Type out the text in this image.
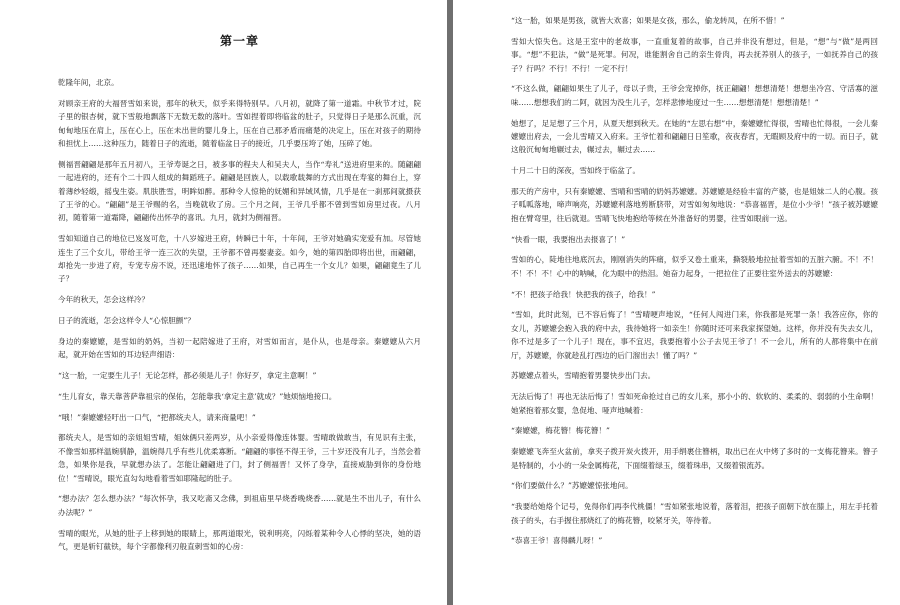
第一章

乾隆年间，北京。

对顾亲王府的大福晋雪如来说，那年的秋天，似乎来得特别早。八月初，就降了第一道霜。中秋节才过，院子里的银杏树，就下雪般地飘落下无数无数的落叶。雪如捏着即将临盆的肚子，只觉得日子是那么沉重，沉甸甸地压在肩上，压在心上，压在未出世的婴儿身上，压在自己那矛盾而痛楚的决定上，压在对孩子的期待和担忧上……这种压力，随着日子的流逝，随着临盆日子的接近，几乎要压垮了她，压碎了她。

侧福晋翩翩是那年五月初八，王爷寿诞之日，被多事的程夫人和吴夫人，当作“寿礼”送进府里来的。随翩翩一起进府的，还有个二十四人组成的舞蹈班子。翩翩是回族人，以载歌载舞的方式出现在寿宴的舞台上，穿着薄纱轻缎，摇曳生姿。肌肤胜雪，明眸如醉。那种令人惊艳的妩媚和异域风情，几乎是在一刹那间就摄获了王爷的心。“翩翩”是王爷赐的名，当晚就收了房。三个月之间，王爷几乎都不曾到雪如房里过夜。八月初，随着第一道霜降，翩翩传出怀孕的喜讯。九月，就封为侧福晋。

雪如知道自己的地位已岌岌可危，十八岁嫁进王府，转瞬已十年，十年间，王爷对她确实宠爱有加。尽管她连生了三个女儿，带给王爷一连三次的失望，王爷都不曾再娶妻妾。如今，她的第四胎即将出世，而翩翩，却抢先一步进了府，专宠专房不说，还迅速地怀了孩子……如果，自己再生一个女儿？如果，翩翩竟生了儿子？

今年的秋天，怎会这样冷？

日子的流逝，怎会这样令人“心惊胆颤”？

身边的秦嬷嬷，是雪如的奶妈，当初一起陪嫁进了王府，对雪如而言，是仆从，也是母亲。秦嬷嬷从六月起，就开始在雪如的耳边轻声细语：

“这一胎，一定要生儿子！无论怎样，都必须是儿子！你好歹，拿定主意啊！”

“生儿育女，靠天靠菩萨靠祖宗的保佑，怎能靠我‘拿定主意’就成？”她烦恼地接口。

“哦！”秦嬷嬷轻吁出一口气，“把都统夫人，请来商量吧！”

都统夫人，是雪如的亲姐姐雪晴，姐妹俩只差两岁，从小亲爱得像连体婴。雪晴敢做敢当，有见识有主张，不像雪如那样温婉驯静，温婉得几乎有些儿优柔寡断。“翩翩的事怪不得王爷，三十岁还没有儿子，当然会着急，如果你是我，早就想办法了。怎能让翩翩进了门，封了侧福晋！又怀了身孕，直接威胁到你的身份地位！”雪晴说，眼光直勾勾地看着雪如耶隆起的肚子。

“想办法？怎么想办法？”每次怀孕，我又吃斋又念佛，到祖庙里早烧香晚烧香……就是生不出儿子，有什么办法呢？”

雪晴的眼光，从她的肚子上移到她的眼睛上，那两道眼光，锐利明亮，闪烁着某种令人心悸的坚决，她的语气，更是斩钉截铁，每个字都像利刃般直刺雪如的心房：

“这一胎，如果是男孩，就皆大欢喜；如果是女孩，那么，偷龙转凤，在所不惜！”

雪如大惊失色。这是王室中的老故事，一直重复着的故事，自己并非没有想过，但是，“想”与“做”是两回事。“想”不犯法，“做”是死罪。何况，谁能割舍自己的亲生骨肉，再去抚养别人的孩子，一如抚养自己的孩子？行吗？不行！不行！一定不行！

“不这么做，翩翩如果生了儿子，母以子贵，王爷会宠掉你，抚正翩翩！想想清楚！想想坐冷宫、守活寡的滋味……想想我们的二阿，就因为没生儿子，怎样悲惨地度过一生……想想清楚！想想清楚！”

她想了，足足想了三个月，从夏天想到秋天。在她的“左思右想”中，秦嬷嬷忙得很，雪晴也忙得很，一会儿秦嬷嬷出府去，一会儿雪晴又入府来。王爷忙着和翩翩日日笙歌，夜夜春宵，无暇顾及府中的一切。而日子，就这般沉甸甸地辗过去，辗过去，辗过去……

十月二十日的深夜，雪如终于临盆了。

那天的产房中，只有秦嬷嬷、雪晴和雪晴的奶妈苏嬷嬷。苏嬷嬷是经验丰富的产婆，也是姐妹二人的心腹。孩子呱呱落地，啼声响亮，苏嬷嬷利落地剪断脐带，对雪如匆匆地说：“恭喜福晋，是位小少爷！”孩子被苏嬷嬷抱在臂弯里，往后就退。雪晴飞快地抱给等候在外准备好的男婴，往雪如眼前一送。

“快看一眼，我要抱出去报喜了！”

雪如的心，陡地往地底沉去，刚刚消失的阵痛，似乎又卷土重来，撕裂般地拉扯着雪如的五脏六腑。不！不！不！不！不！心中的呐喊，化为眼中的热泪。她奋力起身，一把拉住了正要往室外送去的苏嬷嬷：

“不！把孩子给我！快把我的孩子，给我！”

“雪如，此时此刻，已不容后悔了！”雪晴哽声地说，“任何人闯进门来，你我都是死罪一条！我答应你，你的女儿，苏嬷嬷会抱入我的府中去，我待她将一如亲生！你随时还可来我家探望她。这样，你并没有失去女儿，你不过是多了一个儿子！现在，事不宜迟，我要抱着小公子去见王爷了！不一会儿，所有的人都将集中在前厅，苏嬷嬷，你就趁乱打西边的后门溜出去！懂了吗？”

苏嬷嬷点着头，雪晴抱着男婴快步出门去。

无法后悔了！再也无法后悔了！雪如死命抢过自己的女儿来，那小小的、软软的、柔柔的、弱弱的小生命啊！她紧抱着那女婴，急促地、哑声地喊着：

“秦嬷嬷，梅花簪！梅花簪！”

秦嬷嬷飞奔至火盆前，拿夹子拨开炭火拨开，用手绢裹住簪柄，取出已在火中烤了多时的一支梅花簪来。簪子是特制的，小小的一朵金属梅花，下面缀着绿玉，缀着珠串，又缀着银流苏。

“你们要做什么？”苏嬷嬷惊张地问。

“我要给她烙个记号，免得你们再李代桃僵！”雪如紧张地说着，落着泪，把孩子面朝下放在膝上，用左手托着孩子的头，右手握住那烧红了的梅花簪，咬紧牙关，等待着。

“恭喜王爷！喜得麟儿呀！”
